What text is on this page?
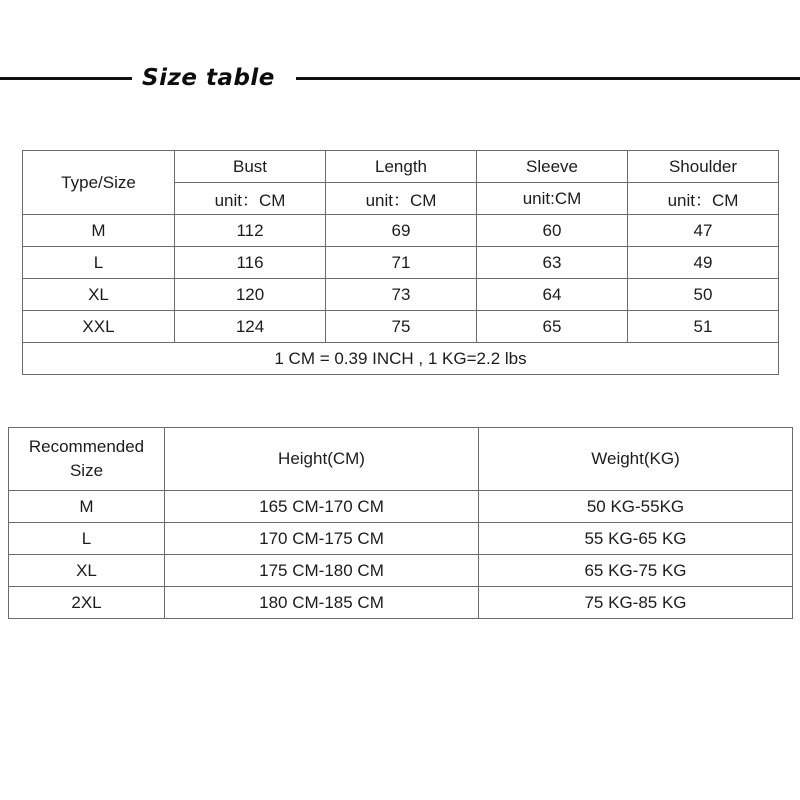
Size table
Type/Size	Bust	Length	Sleeve	Shoulder
	unit：CM	unit：CM	unit:CM	unit：CM
M	112	69	60	47
L	116	71	63	49
XL	120	73	64	50
XXL	124	75	65	51
1 CM = 0.39 INCH , 1 KG=2.2 lbs				
Recommended
Size	Height(CM)	Weight(KG)
M	165 CM-170 CM	50 KG-55KG
L	170 CM-175 CM	55 KG-65 KG
XL	175 CM-180 CM	65 KG-75 KG
2XL	180 CM-185 CM	75 KG-85 KG
